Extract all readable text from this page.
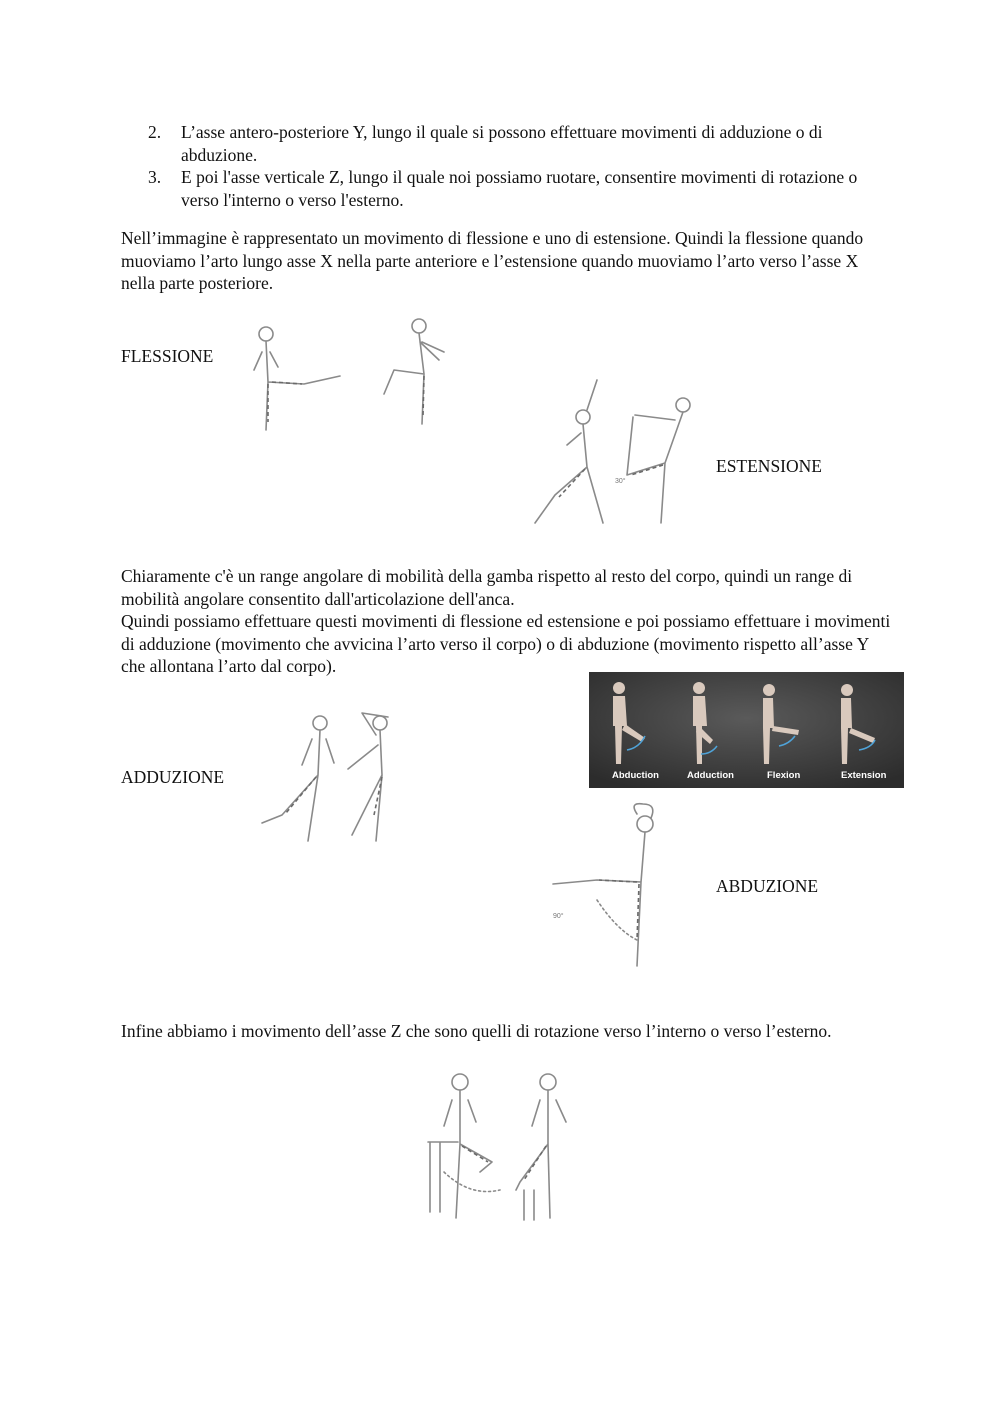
2. L’asse antero-posteriore Y, lungo il quale si possono effettuare movimenti di adduzione o di abduzione.
3. E poi l'asse verticale Z, lungo il quale noi possiamo ruotare, consentire movimenti di rotazione o verso l'interno o verso l'esterno.

Nell’immagine è rappresentato un movimento di flessione e uno di estensione. Quindi la flessione quando muoviamo l’arto lungo asse X nella parte anteriore e l’estensione quando muoviamo l’arto verso l’asse X nella parte posteriore.

FLESSIONE
30°
ESTENSIONE

Chiaramente c'è un range angolare di mobilità della gamba rispetto al resto del corpo, quindi un range di mobilità angolare consentito dall'articolazione dell'anca.

Quindi possiamo effettuare questi movimenti di flessione ed estensione e poi possiamo effettuare i movimenti di adduzione (movimento che avvicina l’arto verso il corpo) o di abduzione (movimento rispetto all’asse Y che allontana l’arto dal corpo).

Abduction	Adduction	Flexion	Extension
ADDUZIONE
90°
ABDUZIONE

Infine abbiamo i movimento dell’asse Z che sono quelli di rotazione verso l’interno o verso l’esterno.
